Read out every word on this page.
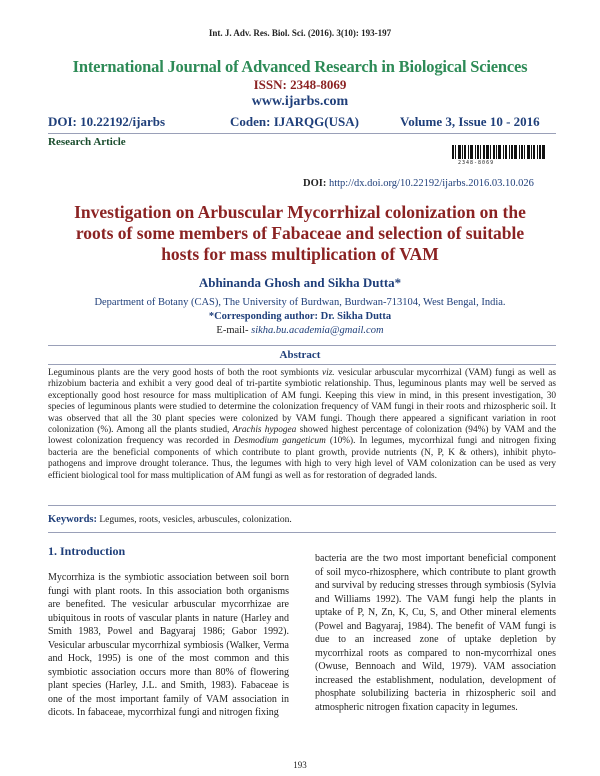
Int. J. Adv. Res. Biol. Sci. (2016). 3(10): 193-197
International Journal of Advanced Research in Biological Sciences
ISSN: 2348-8069
www.ijarbs.com
DOI: 10.22192/ijarbs	Coden: IJARQG(USA)	Volume 3, Issue 10 - 2016
Research Article
2348-8069
DOI: http://dx.doi.org/10.22192/ijarbs.2016.03.10.026
Investigation on Arbuscular Mycorrhizal colonization on the
roots of some members of Fabaceae and selection of suitable
hosts for mass multiplication of VAM
Abhinanda Ghosh and Sikha Dutta*
Department of Botany (CAS), The University of Burdwan, Burdwan-713104, West Bengal, India.
*Corresponding author: Dr. Sikha Dutta
E-mail- sikha.bu.academia@gmail.com
Abstract
Leguminous plants are the very good hosts of both the root symbionts viz. vesicular arbuscular mycorrhizal (VAM) fungi as well as rhizobium bacteria and exhibit a very good deal of tri-partite symbiotic relationship. Thus, leguminous plants may well be served as exceptionally good host resource for mass multiplication of AM fungi. Keeping this view in mind, in this present investigation, 30 species of leguminous plants were studied to determine the colonization frequency of VAM fungi in their roots and rhizospheric soil. It was observed that all the 30 plant species were colonized by VAM fungi. Though there appeared a significant variation in root colonization (%). Among all the plants studied, Arachis hypogea showed highest percentage of colonization (94%) by VAM and the lowest colonization frequency was recorded in Desmodium gangeticum (10%). In legumes, mycorrhizal fungi and nitrogen fixing bacteria are the beneficial components of which contribute to plant growth, provide nutrients (N, P, K & others), inhibit phyto-pathogens and improve drought tolerance. Thus, the legumes with high to very high level of VAM colonization can be used as very efficient biological tool for mass multiplication of AM fungi as well as for restoration of degraded lands.
Keywords: Legumes, roots, vesicles, arbuscules, colonization.
1. Introduction
Mycorrhiza is the symbiotic association between soil born fungi with plant roots. In this association both organisms are benefited. The vesicular arbuscular mycorrhizae are ubiquitous in roots of vascular plants in nature (Harley and Smith 1983, Powel and Bagyaraj 1986; Gabor 1992). Vesicular arbuscular mycorrhizal symbiosis (Walker, Verma and Hock, 1995) is one of the most common and this symbiotic association occurs more than 80% of flowering plant species (Harley, J.L. and Smith, 1983). Fabaceae is one of the most important family of VAM association in dicots. In fabaceae, mycorrhizal fungi and nitrogen fixing
bacteria are the two most important beneficial component of soil myco-rhizosphere, which contribute to plant growth and survival by reducing stresses through symbiosis (Sylvia and Williams 1992). The VAM fungi help the plants in uptake of P, N, Zn, K, Cu, S, and Other mineral elements (Powel and Bagyaraj, 1984). The benefit of VAM fungi is due to an increased zone of uptake depletion by mycorrhizal roots as compared to non-mycorrhizal ones (Owuse, Bennoach and Wild, 1979). VAM association increased the establishment, nodulation, development of phosphate solubilizing bacteria in rhizospheric soil and atmospheric nitrogen fixation capacity in legumes.
193
